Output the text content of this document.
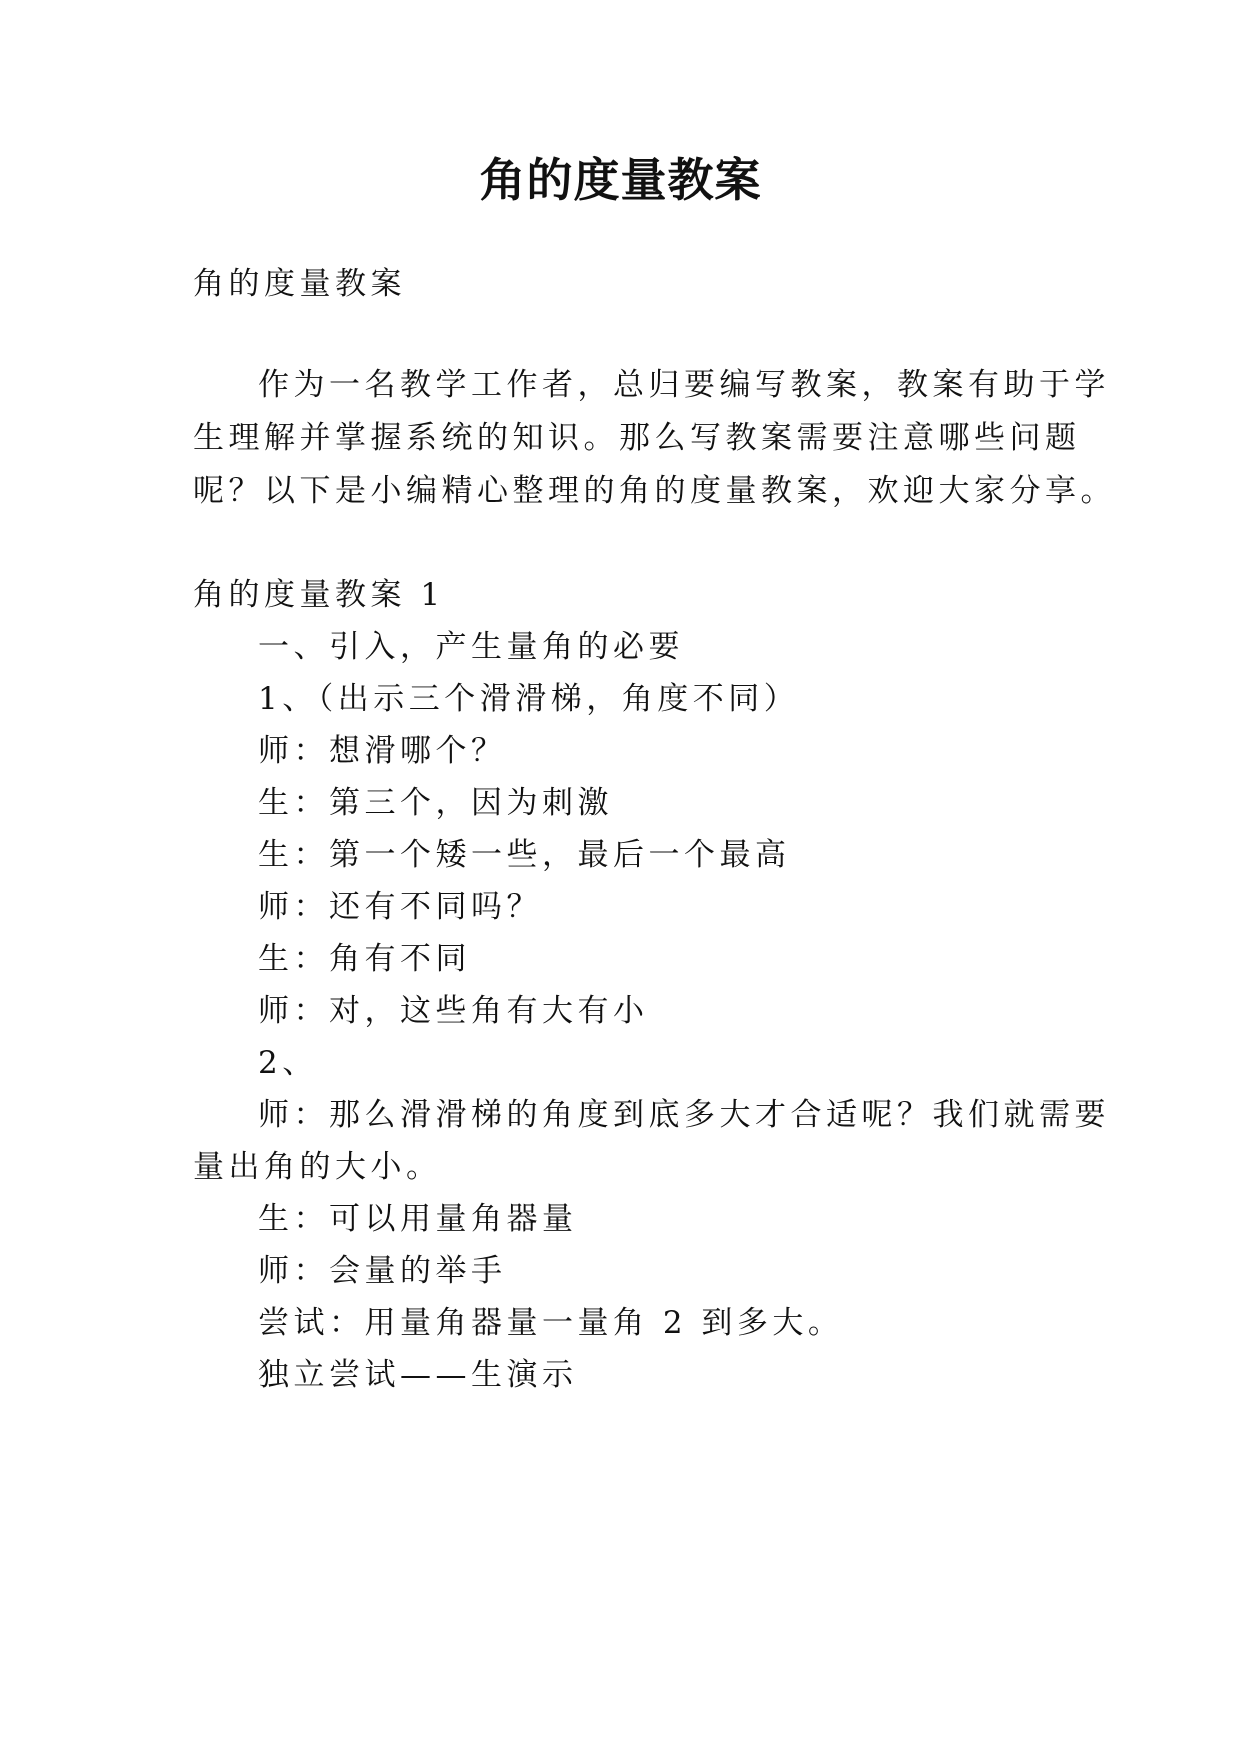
角的度量教案

角的度量教案

作为一名教学工作者，总归要编写教案，教案有助于学

生理解并掌握系统的知识。那么写教案需要注意哪些问题

呢？以下是小编精心整理的角的度量教案，欢迎大家分享。

角的度量教案 1

一、引入，产生量角的必要

1、（出示三个滑滑梯，角度不同）

师：想滑哪个？

生：第三个，因为刺激

生：第一个矮一些，最后一个最高

师：还有不同吗？

生：角有不同

师：对，这些角有大有小

2、

师：那么滑滑梯的角度到底多大才合适呢？我们就需要

量出角的大小。

生：可以用量角器量

师：会量的举手

尝试：用量角器量一量角 2 到多大。

独立尝试——生演示
